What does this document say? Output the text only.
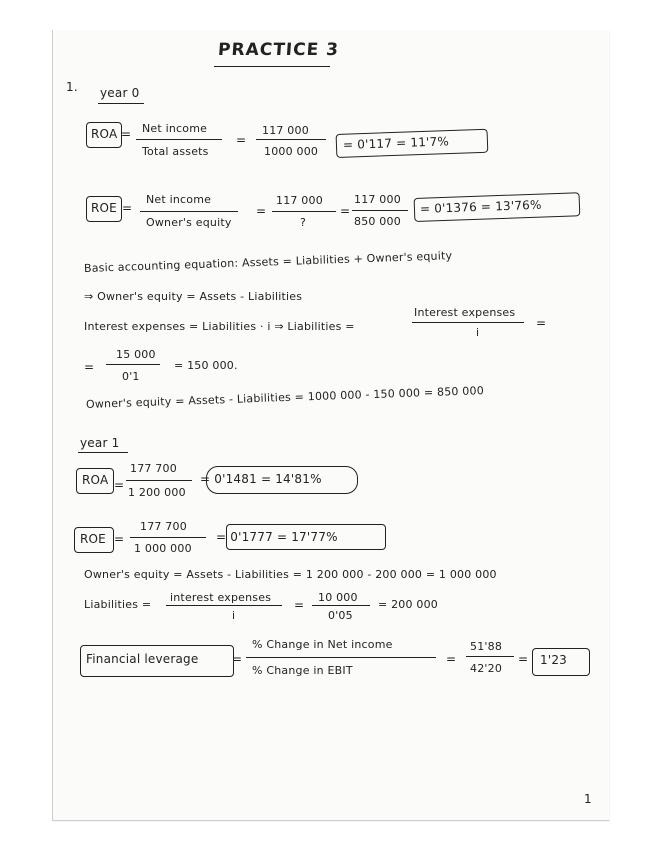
PRACTICE 3
1. year 0
ROA = Net income
Total assets
=
117 000
1000 000 = 0'117 = 11'7%
ROE =
Net income
Owner's equity
=
117 000
?
=
117 000
850 000
= 0'1376 = 13'76%
Basic accounting equation: Assets = Liabilities + Owner's equity
⇒ Owner's equity = Assets - Liabilities
Interest expenses = Liabilities · i ⇒ Liabilities =
Interest expenses
i
=
=
15 000
0'1
= 150 000.
Owner's equity = Assets - Liabilities = 1000 000 - 150 000 = 850 000
year 1
ROA =
177 700
1 200 000
= 0'1481 = 14'81%
ROE =
177 700
1 000 000
= 0'1777 = 17'77%
Owner's equity = Assets - Liabilities = 1 200 000 - 200 000 = 1 000 000
Liabilities =
interest expenses
i
=
10 000
0'05
= 200 000
Financial leverage	=
% Change in Net income
% Change in EBIT
=
51'88
42'20
= 1'23
1
